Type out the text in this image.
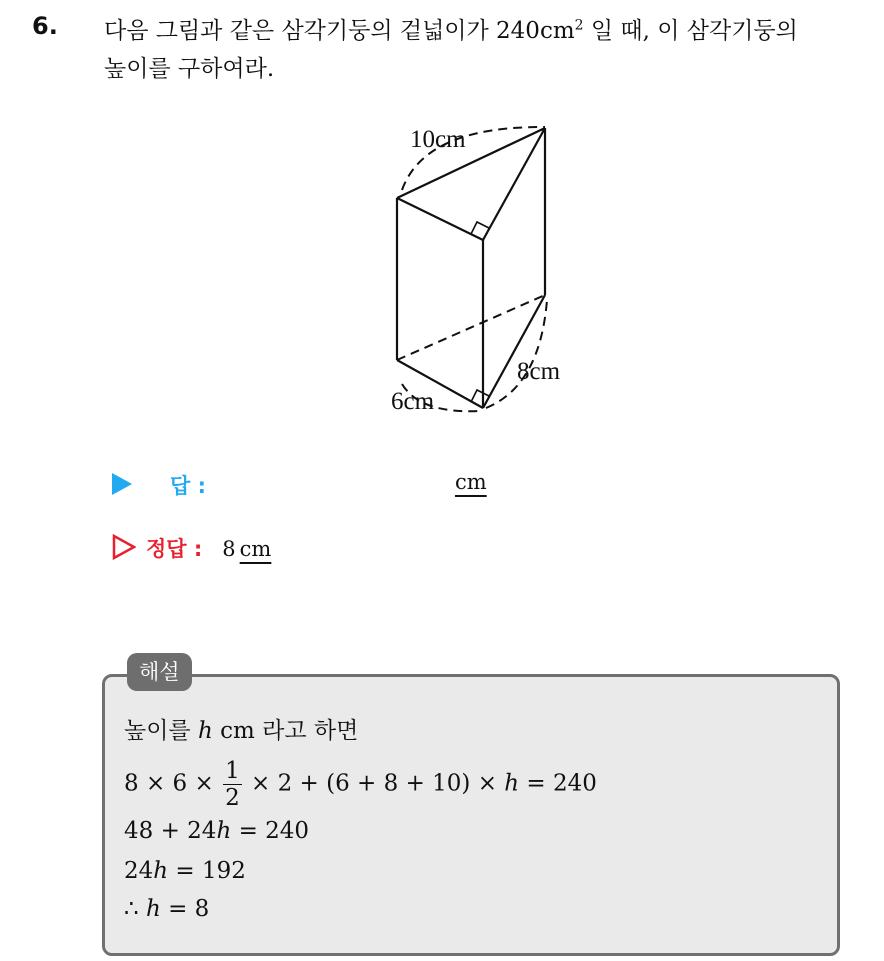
6. 다음 그림과 같은 삼각기둥의 겉넓이가 $240cm^2$ 일 때, 이 삼각기둥의
높이를 구하여라.
10cm
8cm
6cm
답 :	cm
정답 : 8 cm
해설
높이를 h cm 라고 하면
$8 \times 6 \times \frac{1}{2} \times 2 + (6 + 8 + 10) \times h = 240$
48 + 24h = 240
24h = 192
∴ h = 8
